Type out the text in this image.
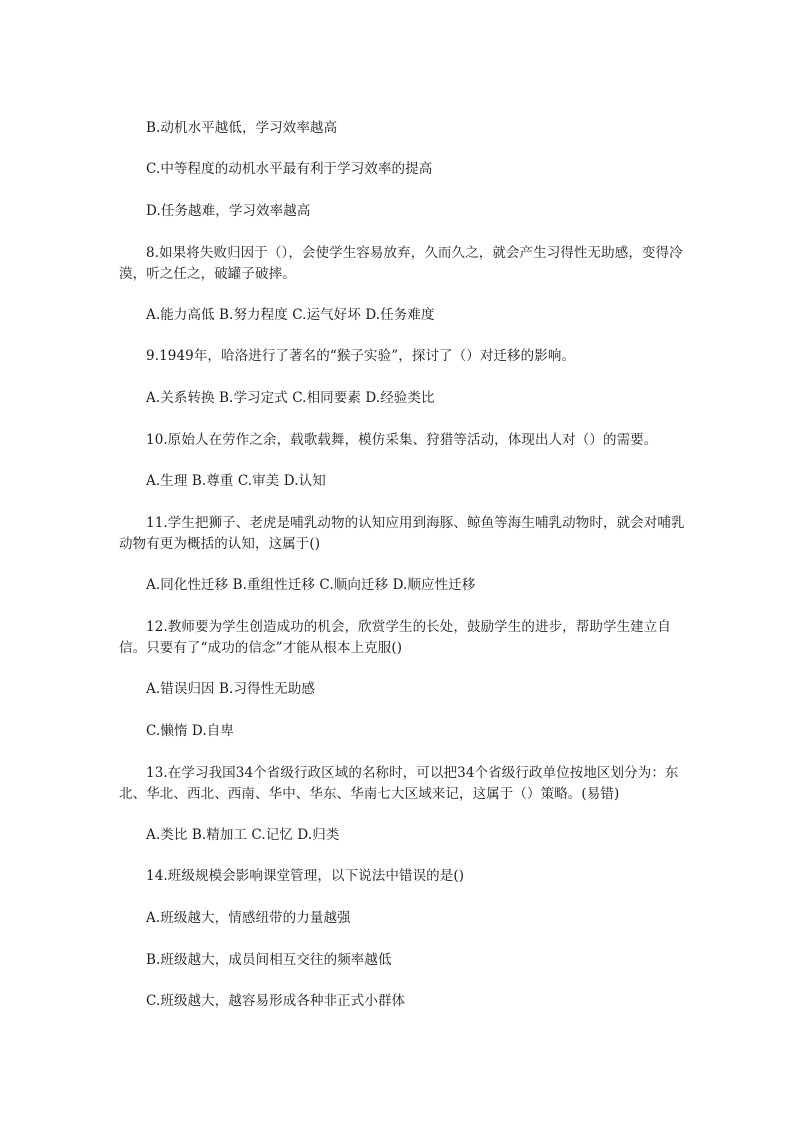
B.动机水平越低，学习效率越高

C.中等程度的动机水平最有利于学习效率的提高

D.任务越难，学习效率越高

8.如果将失败归因于（），会使学生容易放弃，久而久之，就会产生习得性无助感，变得冷漠，听之任之，破罐子破摔。

A.能力高低 B.努力程度 C.运气好坏 D.任务难度

9.1949年，哈洛进行了著名的“猴子实验”，探讨了（）对迁移的影响。

A.关系转换 B.学习定式 C.相同要素 D.经验类比

10.原始人在劳作之余，载歌载舞，模仿采集、狩猎等活动，体现出人对（）的需要。

A.生理 B.尊重 C.审美 D.认知

11.学生把狮子、老虎是哺乳动物的认知应用到海豚、鲸鱼等海生哺乳动物时，就会对哺乳动物有更为概括的认知，这属于()

A.同化性迁移 B.重组性迁移 C.顺向迁移 D.顺应性迁移

12.教师要为学生创造成功的机会，欣赏学生的长处，鼓励学生的进步，帮助学生建立自信。只要有了“成功的信念”才能从根本上克服()

A.错误归因 B.习得性无助感

C.懒惰 D.自卑

13.在学习我国34个省级行政区域的名称时，可以把34个省级行政单位按地区划分为：东北、华北、西北、西南、华中、华东、华南七大区域来记，这属于（）策略。(易错)

A.类比 B.精加工 C.记忆 D.归类

14.班级规模会影响课堂管理，以下说法中错误的是()

A.班级越大，情感纽带的力量越强

B.班级越大，成员间相互交往的频率越低

C.班级越大，越容易形成各种非正式小群体
